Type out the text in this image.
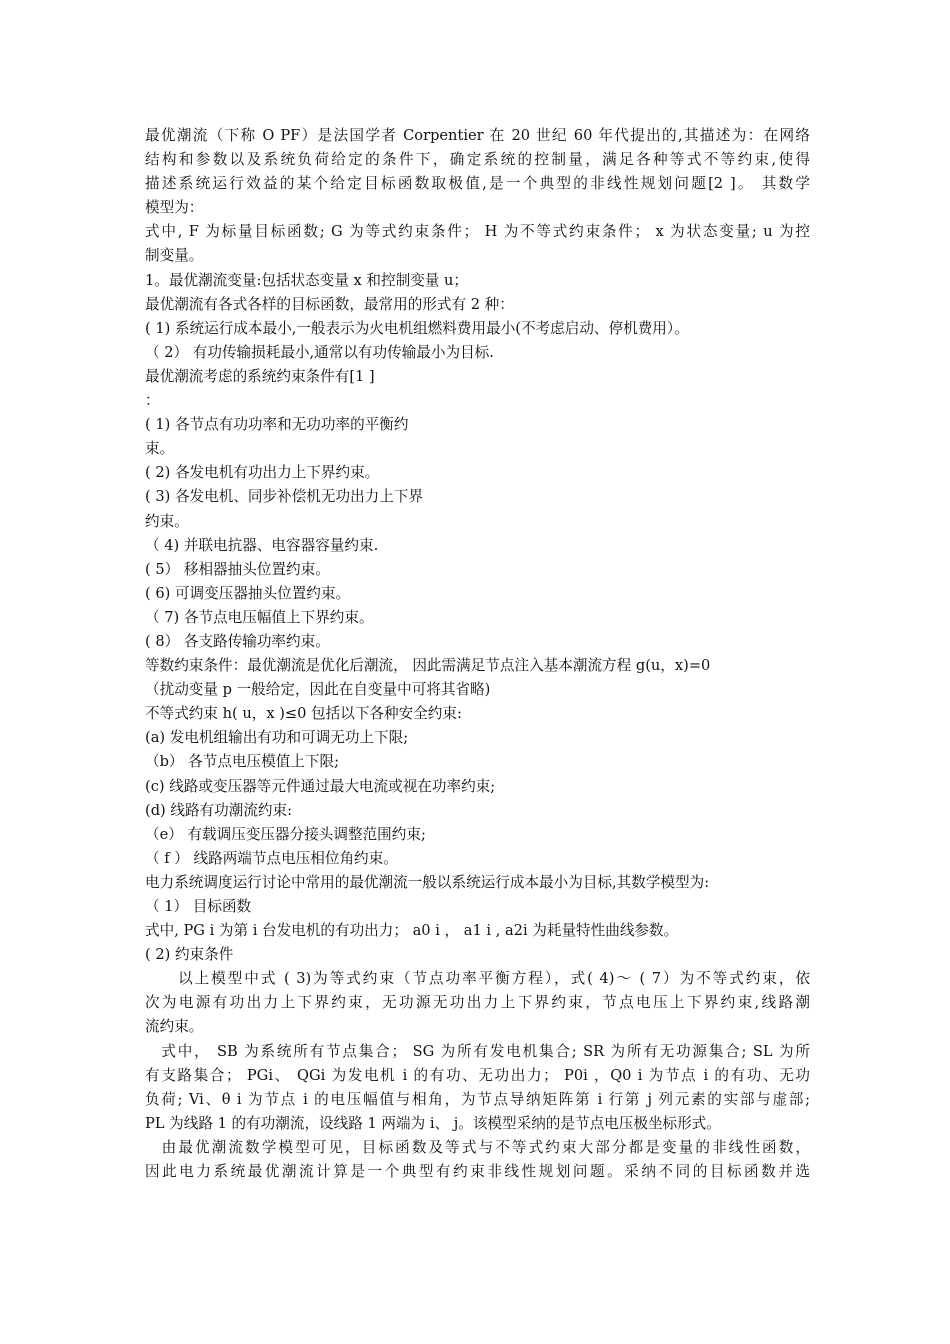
最优潮流（下称 O PF）是法国学者 Corpentier 在 20 世纪 60 年代提出的,其描述为：在网络
结构和参数以及系统负荷给定的条件下，确定系统的控制量，满足各种等式不等约束,使得
描述系统运行效益的某个给定目标函数取极值,是一个典型的非线性规划问题[2 ]。 其数学
模型为：
式中, F 为标量目标函数; G 为等式约束条件； H 为不等式约束条件； x 为状态变量; u 为控
制变量。
1。最优潮流变量:包括状态变量 x 和控制变量 u；
最优潮流有各式各样的目标函数，最常用的形式有 2 种：
( 1) 系统运行成本最小,一般表示为火电机组燃料费用最小(不考虑启动、停机费用）。
（ 2） 有功传输损耗最小,通常以有功传输最小为目标.
最优潮流考虑的系统约束条件有[1 ]
：
( 1) 各节点有功功率和无功功率的平衡约
束。
( 2) 各发电机有功出力上下界约束。
( 3) 各发电机、同步补偿机无功出力上下界
约束。
（ 4) 并联电抗器、电容器容量约束.
( 5） 移相器抽头位置约束。
( 6) 可调变压器抽头位置约束。
（ 7) 各节点电压幅值上下界约束。
( 8） 各支路传输功率约束。
等数约束条件：最优潮流是优化后潮流， 因此需满足节点注入基本潮流方程 g(u，x)=0
（扰动变量 p 一般给定，因此在自变量中可将其省略)
不等式约束 h( u，x )≤0 包括以下各种安全约束:
(a) 发电机组输出有功和可调无功上下限;
（b） 各节点电压模值上下限;
(c) 线路或变压器等元件通过最大电流或视在功率约束;
(d) 线路有功潮流约束:
（e） 有载调压变压器分接头调整范围约束;
（ f ） 线路两端节点电压相位角约束。
电力系统调度运行讨论中常用的最优潮流一般以系统运行成本最小为目标,其数学模型为:
（ 1） 目标函数
式中, PG i 为第 i 台发电机的有功出力； a0 i ， a1 i , a2i 为耗量特性曲线参数。
( 2) 约束条件
　　以上模型中式 ( 3)为等式约束（节点功率平衡方程），式( 4)～ ( 7）为不等式约束，依
次为电源有功出力上下界约束，无功源无功出力上下界约束，节点电压上下界约束,线路潮
流约束。
　式中， SB 为系统所有节点集合； SG 为所有发电机集合; SR 为所有无功源集合; SL 为所
有支路集合； PGi、 QGi 为发电机 i 的有功、无功出力； P0i ，Q0 i 为节点 i 的有功、无功
负荷; Vi、θ i 为节点 i 的电压幅值与相角，为节点导纳矩阵第 i 行第 j 列元素的实部与虚部;
PL 为线路 1 的有功潮流，设线路 1 两端为 i、 j。该模型采纳的是节点电压极坐标形式。
　由最优潮流数学模型可见，目标函数及等式与不等式约束大部分都是变量的非线性函数，
因此电力系统最优潮流计算是一个典型有约束非线性规划问题。采纳不同的目标函数并选
